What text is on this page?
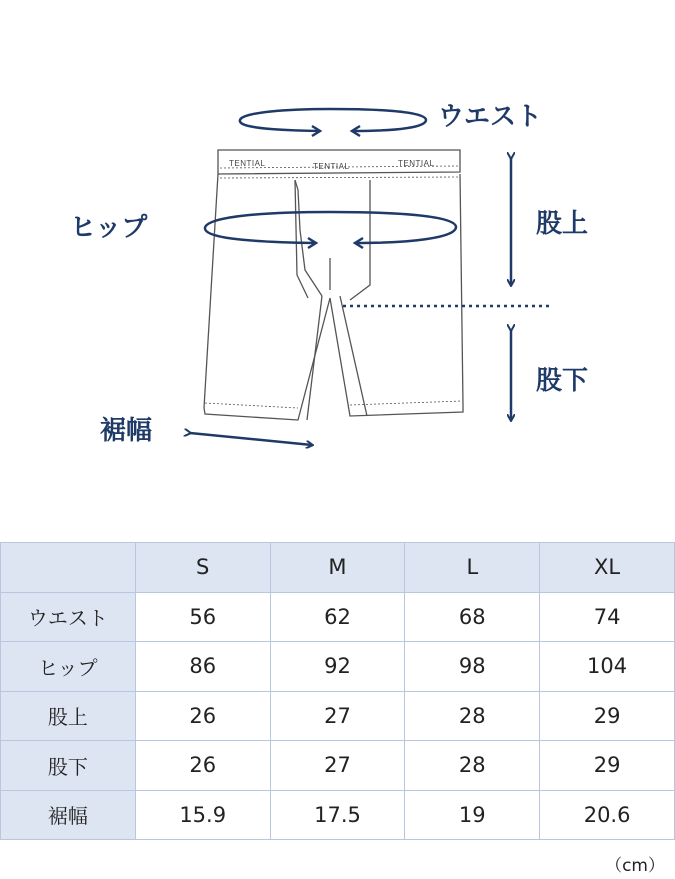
TENTIAL	TENTIAL	TENTIAL
ウエスト
ヒップ	股上
股下
裾幅
	S	M	L	XL
ウエスト	56	62	68	74
ヒップ	86	92	98	104
股上	26	27	28	29
股下	26	27	28	29
裾幅	15.9	17.5	19	20.6
（cm）
